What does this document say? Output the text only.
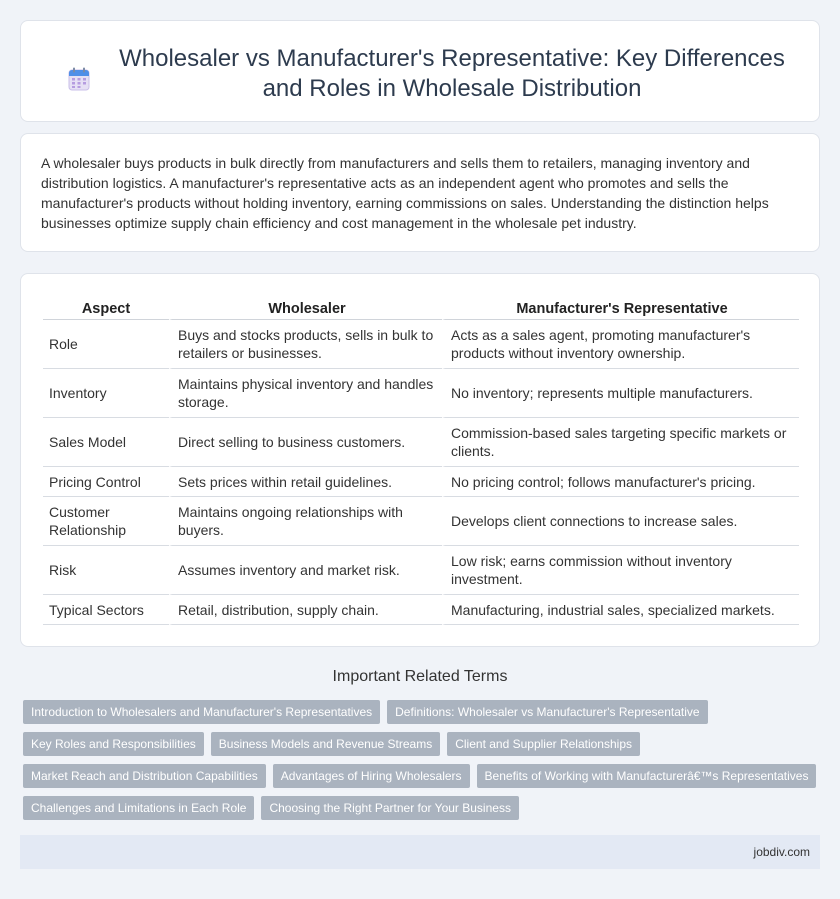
Wholesaler vs Manufacturer's Representative: Key Differences and Roles in Wholesale Distribution

A wholesaler buys products in bulk directly from manufacturers and sells them to retailers, managing inventory and distribution logistics. A manufacturer's representative acts as an independent agent who promotes and sells the manufacturer's products without holding inventory, earning commissions on sales. Understanding the distinction helps businesses optimize supply chain efficiency and cost management in the wholesale pet industry.

Aspect	Wholesaler	Manufacturer's Representative
Role	Buys and stocks products, sells in bulk to retailers or businesses.	Acts as a sales agent, promoting manufacturer's products without inventory ownership.
Inventory	Maintains physical inventory and handles storage.	No inventory; represents multiple manufacturers.
Sales Model	Direct selling to business customers.	Commission-based sales targeting specific markets or clients.
Pricing Control	Sets prices within retail guidelines.	No pricing control; follows manufacturer's pricing.
Customer Relationship	Maintains ongoing relationships with buyers.	Develops client connections to increase sales.
Risk	Assumes inventory and market risk.	Low risk; earns commission without inventory investment.
Typical Sectors	Retail, distribution, supply chain.	Manufacturing, industrial sales, specialized markets.
Important Related Terms
Introduction to Wholesalers and Manufacturer's Representatives	Definitions: Wholesaler vs Manufacturer's Representative
Key Roles and Responsibilities	Business Models and Revenue Streams	Client and Supplier Relationships
Market Reach and Distribution Capabilities	Advantages of Hiring Wholesalers	Benefits of Working with Manufacturerâ€™s Representatives
Challenges and Limitations in Each Role	Choosing the Right Partner for Your Business
jobdiv.com
